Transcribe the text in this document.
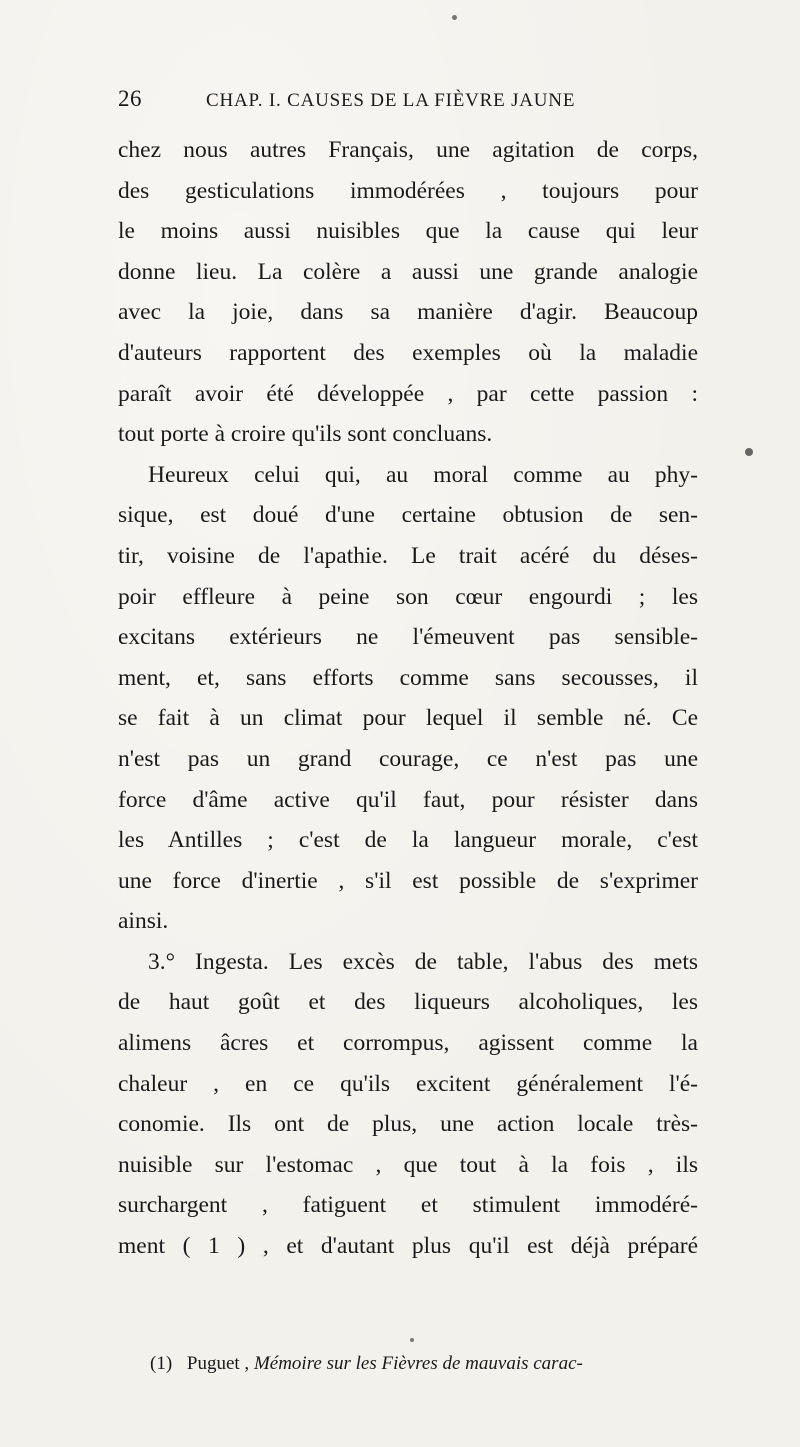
26	CHAP. I. CAUSES DE LA FIÈVRE JAUNE
chez nous autres Français, une agitation de corps,
des gesticulations immodérées , toujours pour
le moins aussi nuisibles que la cause qui leur
donne lieu. La colère a aussi une grande analogie
avec la joie, dans sa manière d'agir. Beaucoup
d'auteurs rapportent des exemples où la maladie
paraît avoir été développée , par cette passion :
tout porte à croire qu'ils sont concluans.
Heureux celui qui, au moral comme au phy-
sique, est doué d'une certaine obtusion de sen-
tir, voisine de l'apathie. Le trait acéré du déses-
poir effleure à peine son cœur engourdi ; les
excitans extérieurs ne l'émeuvent pas sensible-
ment, et, sans efforts comme sans secousses, il
se fait à un climat pour lequel il semble né. Ce
n'est pas un grand courage, ce n'est pas une
force d'âme active qu'il faut, pour résister dans
les Antilles ; c'est de la langueur morale, c'est
une force d'inertie , s'il est possible de s'exprimer
ainsi.
3.° Ingesta. Les excès de table, l'abus des mets
de haut goût et des liqueurs alcoholiques, les
alimens âcres et corrompus, agissent comme la
chaleur , en ce qu'ils excitent généralement l'é-
conomie. Ils ont de plus, une action locale très-
nuisible sur l'estomac , que tout à la fois , ils
surchargent , fatiguent et stimulent immodéré-
ment ( 1 ) , et d'autant plus qu'il est déjà préparé
(1) Puguet , Mémoire sur les Fièvres de mauvais carac-
